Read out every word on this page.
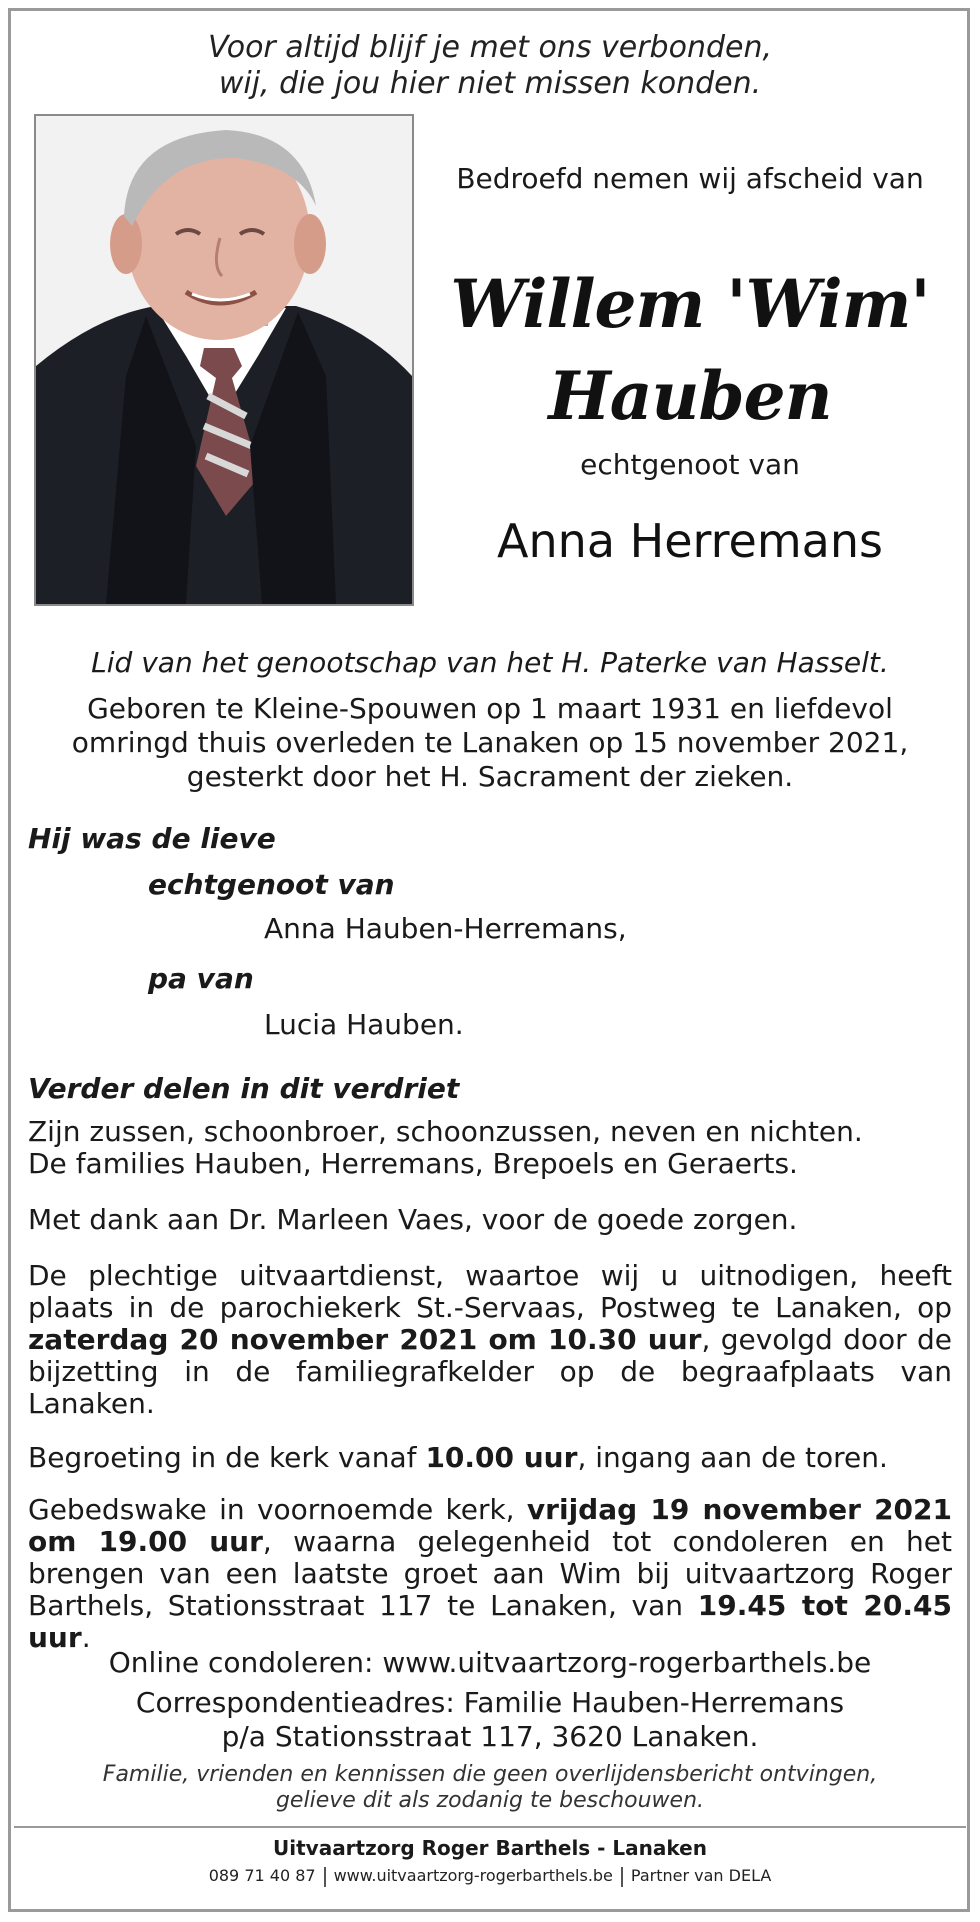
Voor altijd blijf je met ons verbonden,
wij, die jou hier niet missen konden.
Bedroefd nemen wij afscheid van
Willem 'Wim'
Hauben
echtgenoot van
Anna Herremans
Lid van het genootschap van het H. Paterke van Hasselt.
Geboren te Kleine-Spouwen op 1 maart 1931 en liefdevol
omringd thuis overleden te Lanaken op 15 november 2021,
gesterkt door het H. Sacrament der zieken.
Hij was de lieve
echtgenoot van
Anna Hauben-Herremans,
pa van
Lucia Hauben.
Verder delen in dit verdriet
Zijn zussen, schoonbroer, schoonzussen, neven en nichten.
De families Hauben, Herremans, Brepoels en Geraerts.
Met dank aan Dr. Marleen Vaes, voor de goede zorgen.
De plechtige uitvaartdienst, waartoe wij u uitnodigen, heeft plaats in de parochiekerk St.-Servaas, Postweg te Lanaken, op zaterdag 20 november 2021 om 10.30 uur, gevolgd door de bijzetting in de familiegrafkelder op de begraafplaats van Lanaken.
Begroeting in de kerk vanaf 10.00 uur, ingang aan de toren.
Gebedswake in voornoemde kerk, vrijdag 19 november 2021 om 19.00 uur, waarna gelegenheid tot condoleren en het brengen van een laatste groet aan Wim bij uitvaartzorg Roger Barthels, Stationsstraat 117 te Lanaken, van 19.45 tot 20.45 uur.
Online condoleren: www.uitvaartzorg-rogerbarthels.be
Correspondentieadres: Familie Hauben-Herremans
p/a Stationsstraat 117, 3620 Lanaken.
Familie, vrienden en kennissen die geen overlijdensbericht ontvingen,
gelieve dit als zodanig te beschouwen.
Uitvaartzorg Roger Barthels - Lanaken
089 71 40 87 www.uitvaartzorg-rogerbarthels.be Partner van DELA
